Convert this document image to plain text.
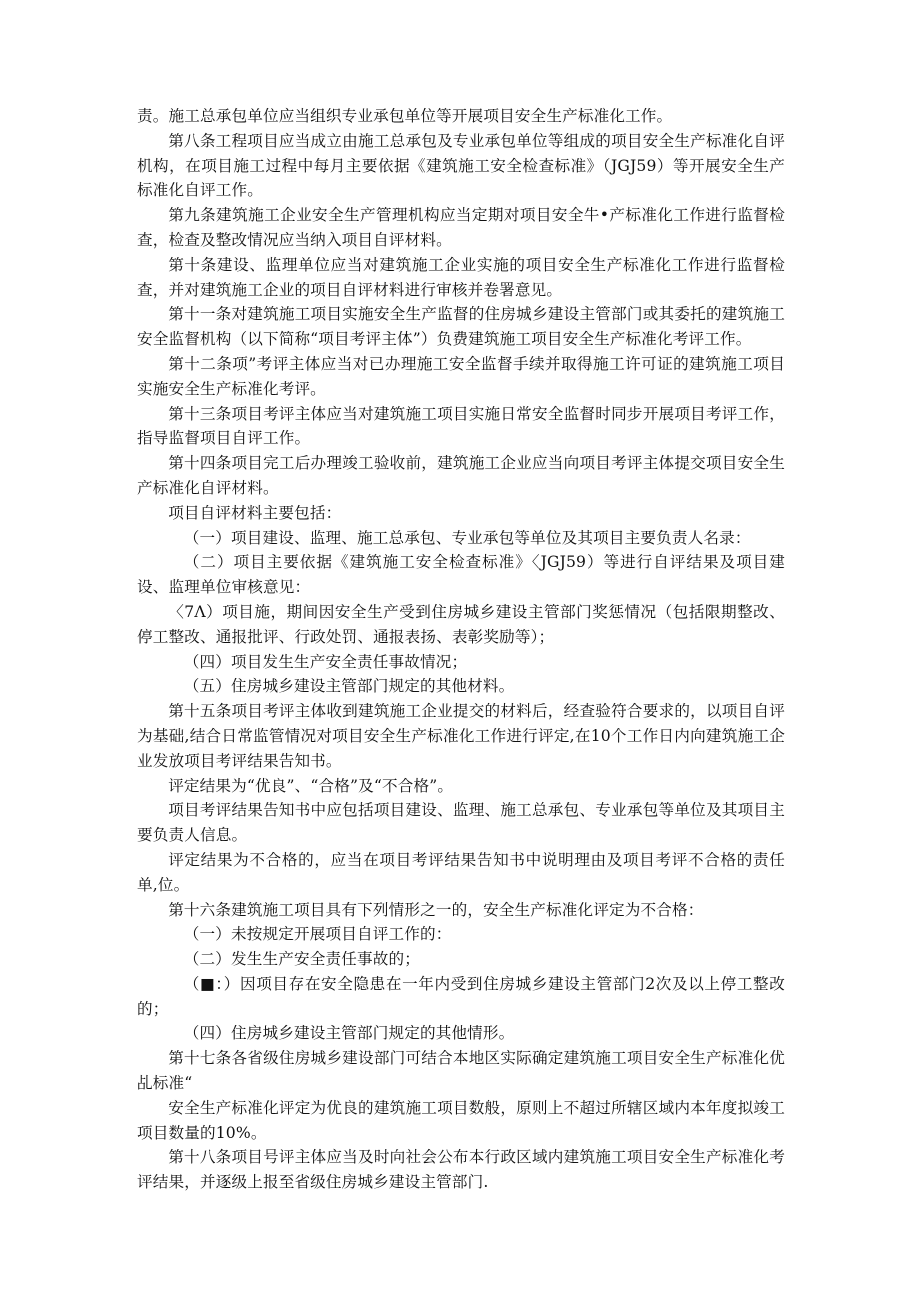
责。施工总承包单位应当组织专业承包单位等开展项目安全生产标准化工作。

第八条工程项目应当成立由施工总承包及专业承包单位等组成的项目安全生产标准化自评机构，在项目施工过程中每月主要依据《建筑施工安全检查标准》（JGJ59）等开展安全生产标准化自评工作。

第九条建筑施工企业安全生产管理机构应当定期对项目安全牛•产标准化工作进行监督检查，检查及整改情况应当纳入项目自评材料。

第十条建设、监理单位应当对建筑施工企业实施的项目安全生产标准化工作进行监督检查，并对建筑施工企业的项目自评材料进行审核并卷署意见。

第十一条对建筑施工项目实施安全生产监督的住房城乡建设主管部门或其委托的建筑施工安全监督机构（以下简称“项目考评主体”）负费建筑施工项目安全生产标准化考评工作。

第十二条项”考评主体应当对已办理施工安全监督手续并取得施工许可证的建筑施工项目实施安全生产标准化考评。

第十三条项目考评主体应当对建筑施工项目实施日常安全监督时同步开展项目考评工作，指导监督项目自评工作。

第十四条项目完工后办理竣工验收前，建筑施工企业应当向项目考评主体提交项目安全生产标准化自评材料。

项目自评材料主要包括：

（一）项目建设、监理、施工总承包、专业承包等单位及其项目主要负责人名录：

（二）项目主要依据《建筑施工安全检查标准》〈JGJ59）等进行自评结果及项目建设、监理单位审核意见：

〈7Λ）项目施，期间因安全生产受到住房城乡建设主管部门奖惩情况（包括限期整改、停工整改、通报批评、行政处罚、通报表扬、表彰奖励等）；

（四）项目发生生产安全责任事故情况；

（五）住房城乡建设主管部门规定的其他材料。

第十五条项目考评主体收到建筑施工企业提交的材料后，经查验符合要求的，以项目自评为基础,结合日常监管情况对项目安全生产标准化工作进行评定,在10个工作日内向建筑施工企业发放项目考评结果告知书。

评定结果为“优良”、“合格”及“不合格”。

项目考评结果告知书中应包括项目建设、监理、施工总承包、专业承包等单位及其项目主要负责人信息。

评定结果为不合格的，应当在项目考评结果告知书中说明理由及项目考评不合格的责任单,位。

第十六条建筑施工项目具有下列情形之一的，安全生产标准化评定为不合格：

（一）未按规定开展项目自评工作的：

（二）发生生产安全责任事故的；

（■：）因项目存在安全隐患在一年内受到住房城乡建设主管部门2次及以上停工整改的；

（四）住房城乡建设主管部门规定的其他情形。

第十七条各省级住房城乡建设部门可结合本地区实际确定建筑施工项目安全生产标准化优乩标准“

安全生产标准化评定为优良的建筑施工项目数般，原则上不超过所辖区域内本年度拟竣工项目数量的10%。

第十八条项目号评主体应当及时向社会公布本行政区域内建筑施工项目安全生产标准化考评结果，并逐级上报至省级住房城乡建设主管部门.
